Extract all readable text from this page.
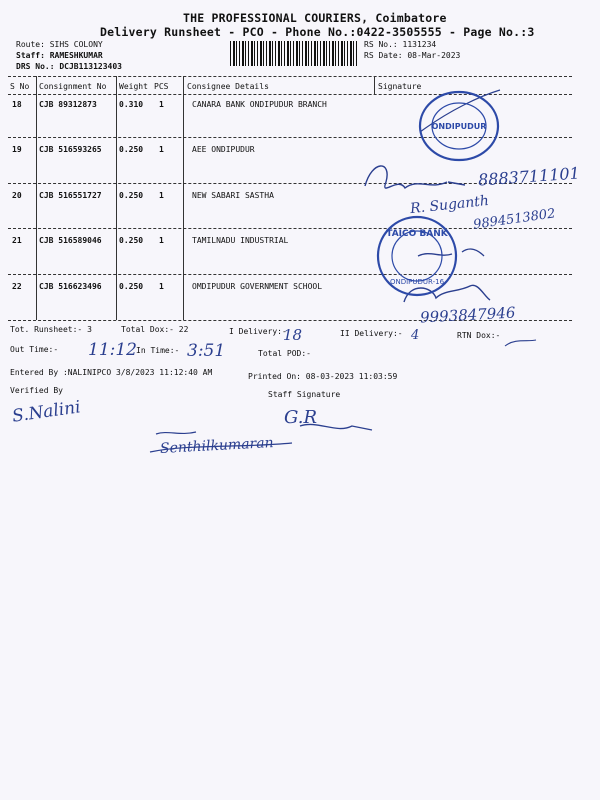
THE PROFESSIONAL COURIERS, Coimbatore
Delivery Runsheet - PCO - Phone No.:0422-3505555 - Page No.:3
Route: SIHS COLONY
Staff: RAMESHKUMAR
DRS No.: DCJB113123403
RS No.: 1131234
RS Date: 08-Mar-2023
S No Consignment No Weight PCS Consignee Details	Signature
18 CJB 89312873	0.310 1	CANARA BANK ONDIPUDUR BRANCH
19 CJB 516593265 0.250 1	AEE ONDIPUDUR
20 CJB 516551727 0.250 1	NEW SABARI SASTHA
21 CJB 516589046 0.250 1	TAMILNADU INDUSTRIAL
22 CJB 516623496 0.250 1	OMDIPUDUR GOVERNMENT SCHOOL
Tot. Runsheet:- 3	Total Dox:- 22	I Delivery:-
18	II Delivery:- 4	RTN Dox:-
Out Time:- 11:12 In Time:- 3:51	Total POD:-
Entered By :NALINIPCO 3/8/2023 11:12:40 AM	Printed On: 08-03-2023 11:03:59
Verified By	Staff Signature
8883711101
R. Suganth
9894513802
9993847946
S.Nalini	G.R
Senthilkumaran
ONDIPUDUR
TAICO BANK
ONDIPUDUR-16
